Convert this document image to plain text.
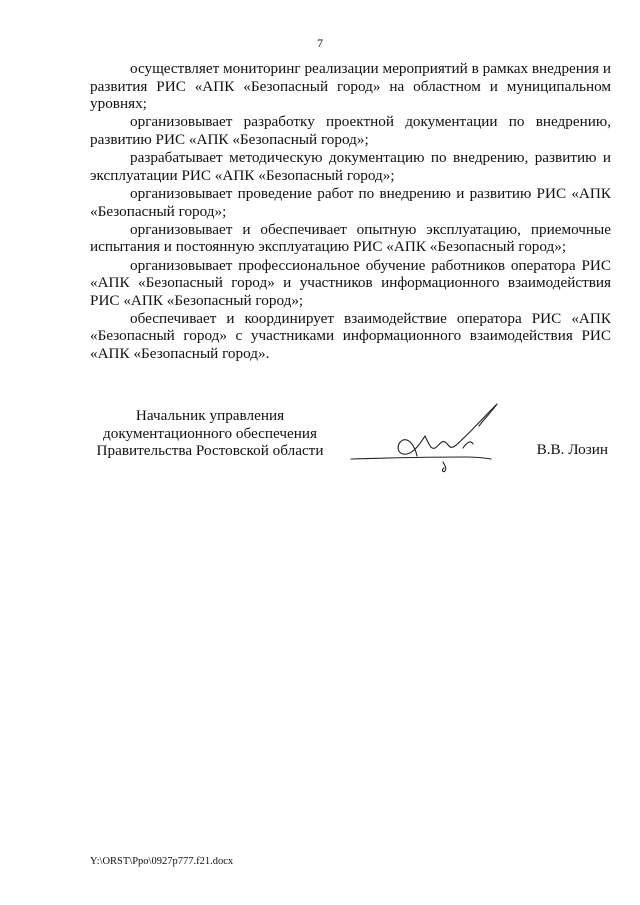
7

осуществляет мониторинг реализации мероприятий в рамках внедрения и развития РИС «АПК «Безопасный город» на областном и муниципальном уровнях;

организовывает разработку проектной документации по внедрению, развитию РИС «АПК «Безопасный город»;

разрабатывает методическую документацию по внедрению, развитию и эксплуатации РИС «АПК «Безопасный город»;

организовывает проведение работ по внедрению и развитию РИС «АПК «Безопасный город»;

организовывает и обеспечивает опытную эксплуатацию, приемочные испытания и постоянную эксплуатацию РИС «АПК «Безопасный город»;

организовывает профессиональное обучение работников оператора РИС «АПК «Безопасный город» и участников информационного взаимодействия РИС «АПК «Безопасный город»;

обеспечивает и координирует взаимодействие оператора РИС «АПК «Безопасный город» с участниками информационного взаимодействия РИС «АПК «Безопасный город».

Начальник управления
документационного обеспечения
Правительства Ростовской области	В.В. Лозин
Y:\ORST\Ppo\0927p777.f21.docx
